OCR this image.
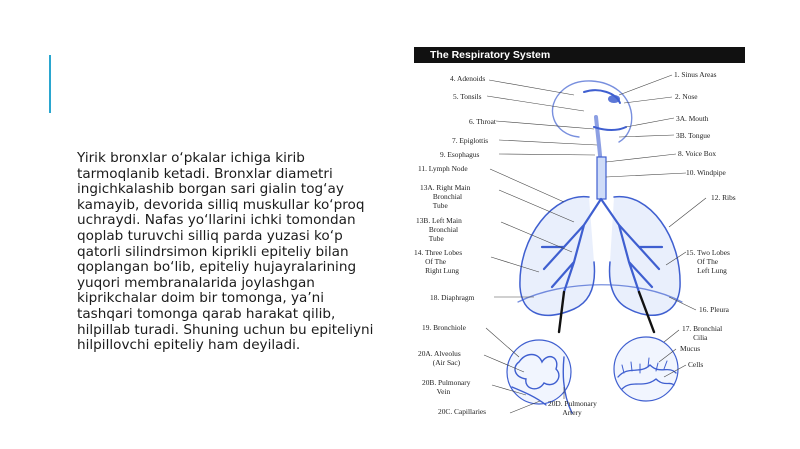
Yirik bronxlar o‘pkalar ichiga kirib tarmoqlanib ketadi. Bronxlar diametri ingichkalashib borgan sari gialin tog‘ay kamayib, devorida silliq muskullar ko‘proq uchraydi. Nafas yo‘llarini ichki tomondan qoplab turuvchi silliq parda yuzasi ko‘p qatorli silindrsimon kiprikli epiteliy bilan qoplangan bo‘lib, epiteliy hujayralarining yuqori membranalarida joylashgan kiprikchalar doim bir tomonga, ya’ni tashqari tomonga qarab harakat qilib, hilpillab turadi. Shuning uchun bu epiteliyni hilpillovchi epiteliy ham deyiladi.
The Respiratory System
4. Adenoids
5. Tonsils
6. Throat
7. Epiglottis
9. Esophagus
11. Lymph Node
13A. Right Main
Bronchial
Tube
13B. Left Main
Bronchial
Tube
14. Three Lobes
Of The
Right Lung
18. Diaphragm
19. Bronchiole
20A. Alveolus
(Air Sac)
20B. Pulmonary
Vein
20C. Capillaries
20D. Pulmonary
Artery
1. Sinus Areas
2. Nose
3A. Mouth
3B. Tongue
8. Voice Box
10. Windpipe
12. Ribs
15. Two Lobes
Of The
Left Lung
16. Pleura
17. Bronchial
Cilia
Mucus
Cells
